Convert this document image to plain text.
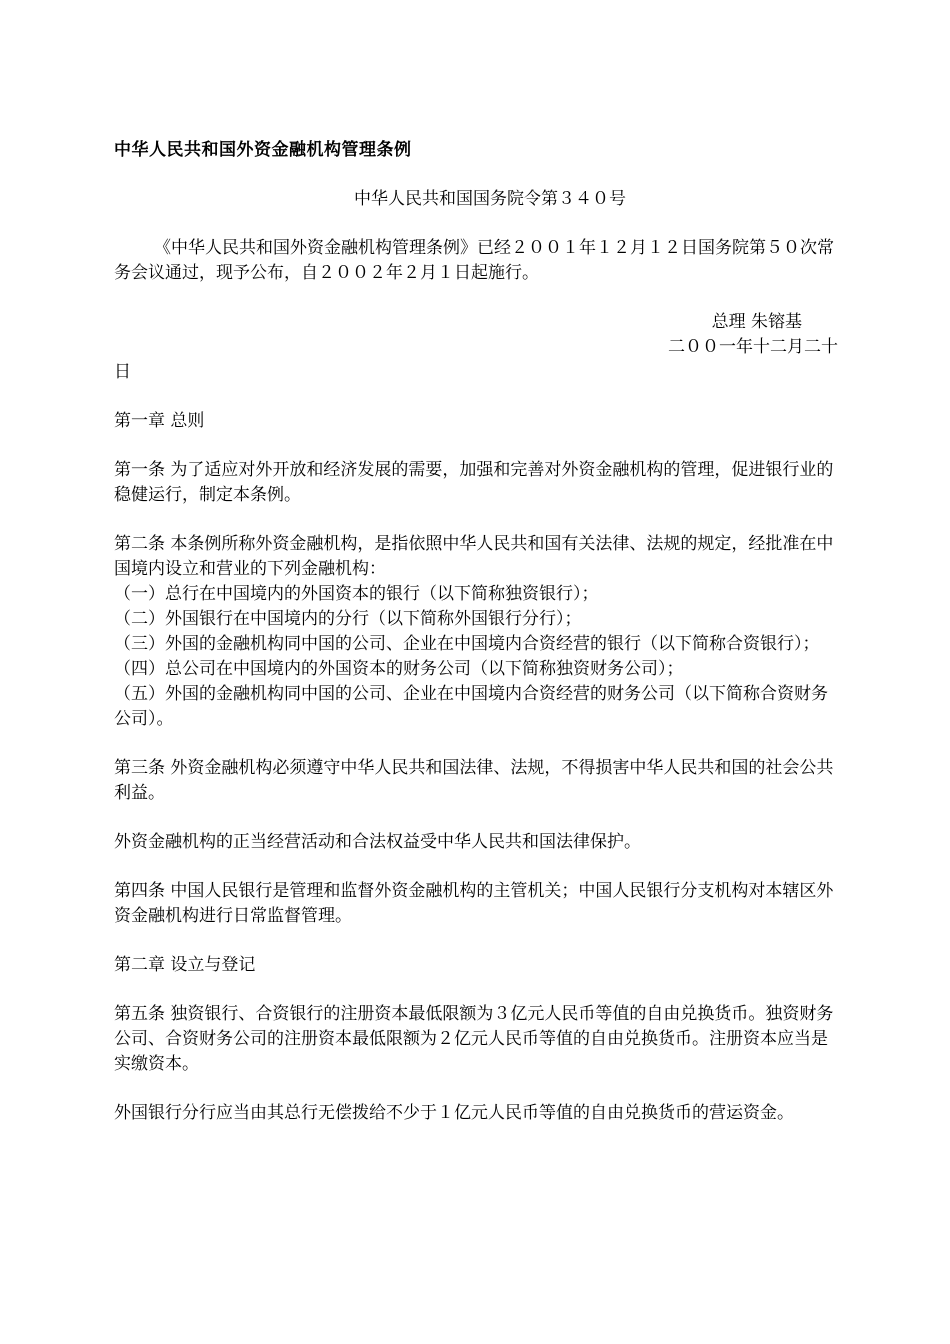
中华人民共和国外资金融机构管理条例

中华人民共和国国务院令第３４０号

《中华人民共和国外资金融机构管理条例》已经２００１年１２月１２日国务院第５０次常务会议通过，现予公布，自２００２年２月１日起施行。

总理 朱镕基

二００一年十二月二十
日

第一章 总则

第一条 为了适应对外开放和经济发展的需要，加强和完善对外资金融机构的管理，促进银行业的稳健运行，制定本条例。

第二条 本条例所称外资金融机构，是指依照中华人民共和国有关法律、法规的规定，经批准在中国境内设立和营业的下列金融机构：
（一）总行在中国境内的外国资本的银行（以下简称独资银行）；
（二）外国银行在中国境内的分行（以下简称外国银行分行）；
（三）外国的金融机构同中国的公司、企业在中国境内合资经营的银行（以下简称合资银行）；
（四）总公司在中国境内的外国资本的财务公司（以下简称独资财务公司）；
（五）外国的金融机构同中国的公司、企业在中国境内合资经营的财务公司（以下简称合资财务公司）。

第三条 外资金融机构必须遵守中华人民共和国法律、法规，不得损害中华人民共和国的社会公共利益。

外资金融机构的正当经营活动和合法权益受中华人民共和国法律保护。

第四条 中国人民银行是管理和监督外资金融机构的主管机关；中国人民银行分支机构对本辖区外资金融机构进行日常监督管理。

第二章 设立与登记

第五条 独资银行、合资银行的注册资本最低限额为３亿元人民币等值的自由兑换货币。独资财务公司、合资财务公司的注册资本最低限额为２亿元人民币等值的自由兑换货币。注册资本应当是实缴资本。

外国银行分行应当由其总行无偿拨给不少于１亿元人民币等值的自由兑换货币的营运资金。
